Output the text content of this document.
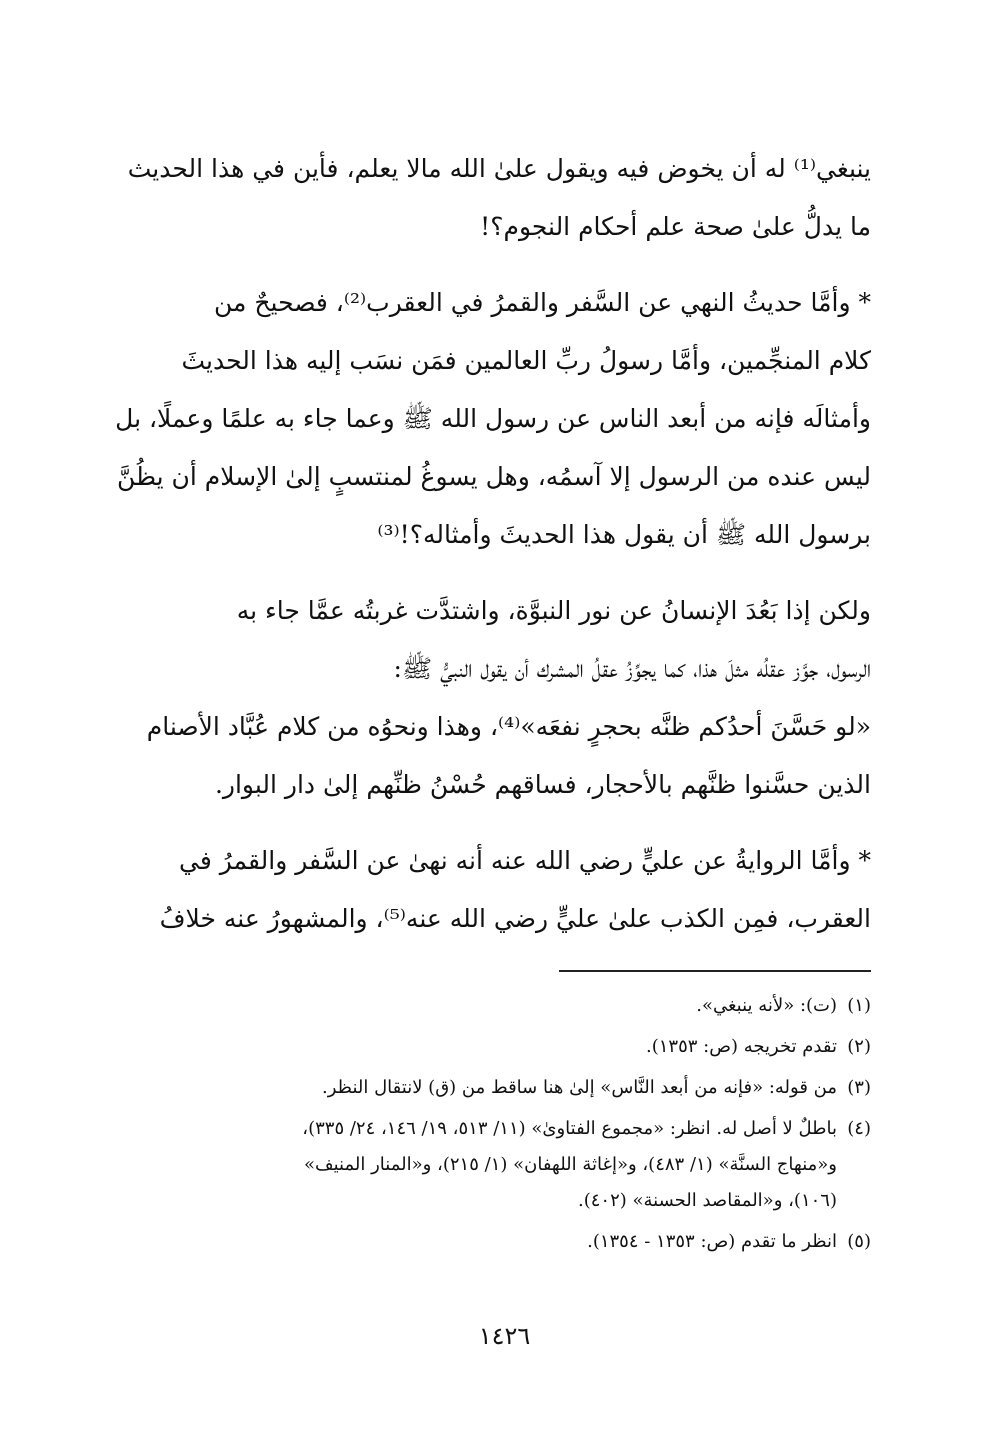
ينبغي⁽¹⁾ له أن يخوض فيه ويقول علىٰ الله مالا يعلم، فأين في هذا الحديث
ما يدلُّ علىٰ صحة علم أحكام النجوم؟!
* وأمَّا حديثُ النهي عن السَّفر والقمرُ في العقرب⁽²⁾، فصحيحٌ من
كلام المنجِّمين، وأمَّا رسولُ ربِّ العالمين فمَن نسَب إليه هذا الحديثَ
وأمثالَه فإنه من أبعد الناس عن رسول الله ﷺ وعما جاء به علمًا وعملًا، بل
ليس عنده من الرسول إلا آسمُه، وهل يسوغُ لمنتسبٍ إلىٰ الإسلام أن يظُنَّ
برسول الله ﷺ أن يقول هذا الحديثَ وأمثاله؟!⁽³⁾
ولكن إذا بَعُدَ الإنسانُ عن نور النبوَّة، واشتدَّت غربتُه عمَّا جاء به
الرسول، جوَّز عقلُه مثلَ هذا، كما يجوِّزُ عقلُ المشرك أن يقول النبيُّ ﷺ:
«لو حَسَّنَ أحدُكم ظنَّه بحجرٍ نفعَه»⁽⁴⁾، وهذا ونحوُه من كلام عُبَّاد الأصنام
الذين حسَّنوا ظنَّهم بالأحجار، فساقهم حُسْنُ ظنِّهم إلىٰ دار البوار.
* وأمَّا الروايةُ عن عليٍّ رضي الله عنه أنه نهىٰ عن السَّفر والقمرُ في
العقرب، فمِن الكذب علىٰ عليٍّ رضي الله عنه⁽⁵⁾، والمشهورُ عنه خلافُ
(١)
(ت): «لأنه ينبغي».
(٢)
تقدم تخريجه (ص: ١٣٥٣).
(٣)
من قوله: «فإنه من أبعد النَّاس» إلىٰ هنا ساقط من (ق) لانتقال النظر.
(٤)
باطلٌ لا أصل له. انظر: «مجموع الفتاوىٰ» (١١/ ٥١٣، ١٩/ ١٤٦، ٢٤/ ٣٣٥)،
و«منهاج السنَّة» (١/ ٤٨٣)، و«إغاثة اللهفان» (١/ ٢١٥)، و«المنار المنيف»
(١٠٦)، و«المقاصد الحسنة» (٤٠٢).
(٥)
انظر ما تقدم (ص: ١٣٥٣ - ١٣٥٤).
١٤٢٦
